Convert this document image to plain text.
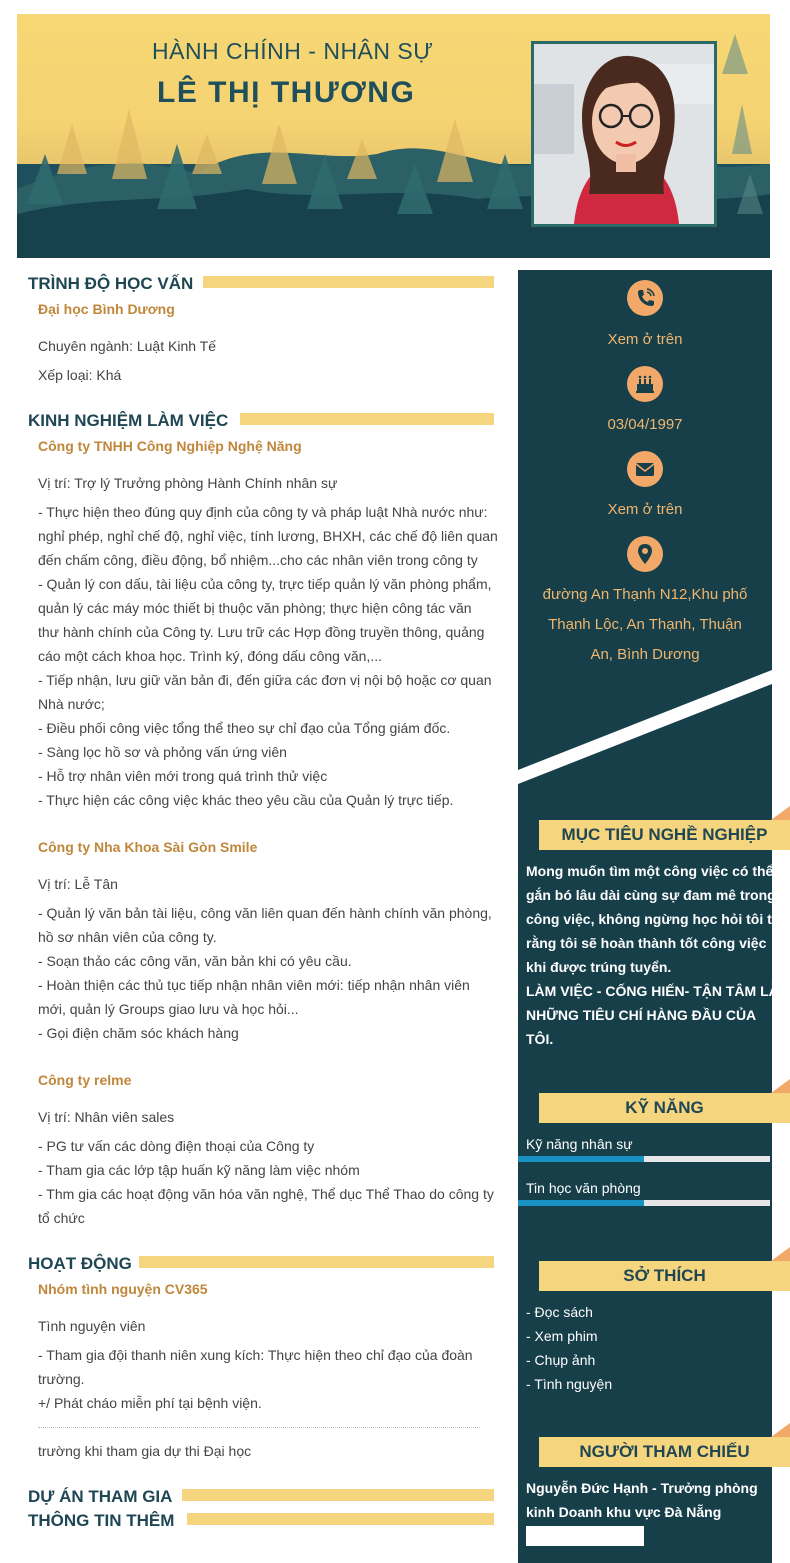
HÀNH CHÍNH - NHÂN SỰ
LÊ THỊ THƯƠNG
TRÌNH ĐỘ HỌC VẤN
Đại học Bình Dương
Chuyên ngành: Luật Kinh Tế
Xếp loại: Khá
KINH NGHIỆM LÀM VIỆC
Công ty TNHH Công Nghiệp Nghệ Năng
Vị trí: Trợ lý Trưởng phòng Hành Chính nhân sự
- Thực hiện theo đúng quy định của công ty và pháp luật Nhà nước như:
nghỉ phép, nghỉ chế độ, nghỉ việc, tính lương, BHXH, các chế độ liên quan
đến chấm công, điều động, bổ nhiệm...cho các nhân viên trong công ty
- Quản lý con dấu, tài liệu của công ty, trực tiếp quản lý văn phòng phẩm,
quản lý các máy móc thiết bị thuộc văn phòng; thực hiện công tác văn
thư hành chính của Công ty. Lưu trữ các Hợp đồng truyền thông, quảng
cáo một cách khoa học. Trình ký, đóng dấu công văn,...
- Tiếp nhận, lưu giữ văn bản đi, đến giữa các đơn vị nội bộ hoặc cơ quan
Nhà nước;
- Điều phối công việc tổng thể theo sự chỉ đạo của Tổng giám đốc.
- Sàng lọc hồ sơ và phỏng vấn ứng viên
- Hỗ trợ nhân viên mới trong quá trình thử việc
- Thực hiện các công việc khác theo yêu cầu của Quản lý trực tiếp.
Công ty Nha Khoa Sài Gòn Smile
Vị trí: Lễ Tân
- Quản lý văn bản tài liệu, công văn liên quan đến hành chính văn phòng,
hồ sơ nhân viên của công ty.
- Soạn thảo các công văn, văn bản khi có yêu cầu.
- Hoàn thiện các thủ tục tiếp nhận nhân viên mới: tiếp nhận nhân viên
mới, quản lý Groups giao lưu và học hỏi...
- Gọi điện chăm sóc khách hàng
Công ty relme
Vị trí: Nhân viên sales
- PG tư vấn các dòng điện thoại của Công ty
- Tham gia các lớp tập huấn kỹ năng làm việc nhóm
- Thm gia các hoạt động văn hóa văn nghệ, Thể dục Thể Thao do công ty
tổ chức
HOẠT ĐỘNG
Nhóm tình nguyện CV365
Tình nguyện viên
- Tham gia đội thanh niên xung kích: Thực hiện theo chỉ đạo của đoàn
trường.
+/ Phát cháo miễn phí tại bệnh viện.
trường khi tham gia dự thi Đại học
DỰ ÁN THAM GIA
THÔNG TIN THÊM
Xem ở trên
03/04/1997
Xem ở trên
đường An Thạnh N12,Khu phố
Thạnh Lộc, An Thạnh, Thuận
An, Bình Dương
MỤC TIÊU NGHỀ NGHIỆP
Mong muốn tìm một công việc có thể
gắn bó lâu dài cùng sự đam mê trong
công việc, không ngừng học hỏi tôi tin
rằng tôi sẽ hoàn thành tốt công việc
khi được trúng tuyển.
LÀM VIỆC - CỐNG HIẾN- TẬN TÂM LÀ
NHỮNG TIÊU CHÍ HÀNG ĐẦU CỦA
TÔI.
KỸ NĂNG
Kỹ năng nhân sự
Tin học văn phòng
SỞ THÍCH
- Đọc sách
- Xem phim
- Chụp ảnh
- Tình nguyện
NGƯỜI THAM CHIẾU
Nguyễn Đức Hạnh - Trưởng phòng
kinh Doanh khu vực Đà Nẵng
